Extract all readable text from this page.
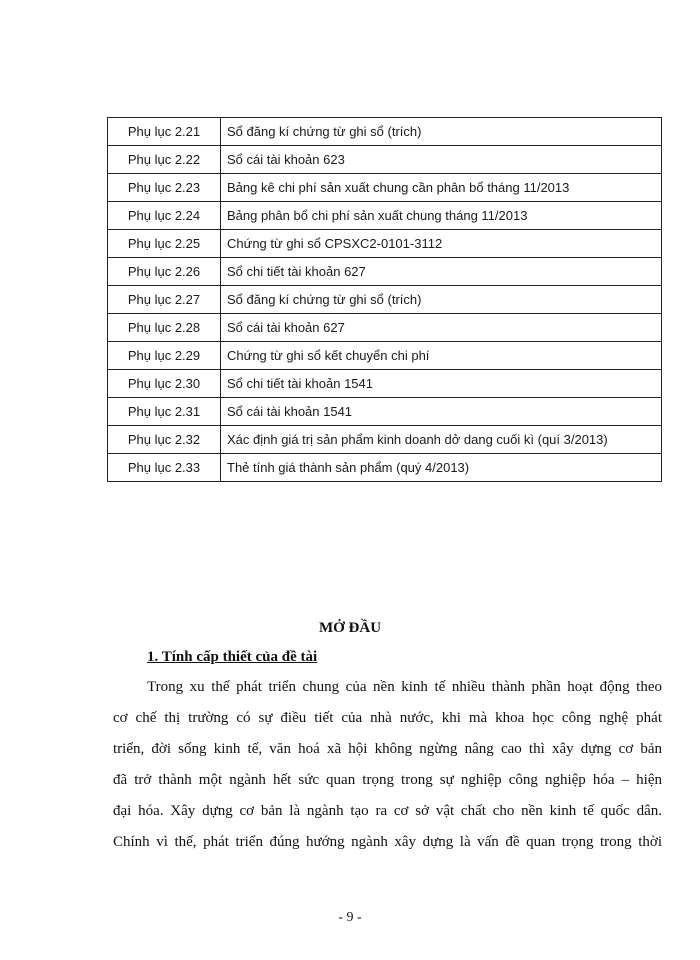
Phụ lục 2.21	Sổ đăng kí chứng từ ghi sổ (trích)
Phụ lục 2.22	Sổ cái tài khoản 623
Phụ lục 2.23	Bảng kê chi phí sản xuất chung cần phân bổ tháng 11/2013
Phụ lục 2.24	Bảng phân bổ chi phí sản xuất chung tháng 11/2013
Phụ lục 2.25	Chứng từ ghi sổ CPSXC2-0101-3112
Phụ lục 2.26	Sổ chi tiết tài khoản 627
Phụ lục 2.27	Sổ đăng kí chứng từ ghi sổ (trích)
Phụ lục 2.28	Sổ cái tài khoản 627
Phụ lục 2.29	Chứng từ ghi sổ kết chuyển chi phí
Phụ lục 2.30	Sổ chi tiết tài khoản 1541
Phụ lục 2.31	Sổ cái tài khoản 1541
Phụ lục 2.32	Xác định giá trị sản phẩm kinh doanh dở dang cuối kì (quí 3/2013)
Phụ lục 2.33	Thẻ tính giá thành sản phẩm (quý 4/2013)
MỞ ĐẦU
1. Tính cấp thiết của đề tài
Trong xu thế phát triển chung của nền kinh tế nhiều thành phần hoạt động theo
cơ chế thị trường có sự điều tiết của nhà nước, khi mà khoa học công nghệ phát
triển, đời sống kinh tế, văn hoá xã hội không ngừng nâng cao thì xây dựng cơ bản
đã trở thành một ngành hết sức quan trọng trong sự nghiệp công nghiệp hóa – hiện
đại hóa. Xây dựng cơ bản là ngành tạo ra cơ sở vật chất cho nền kinh tế quốc dân.
Chính vì thế, phát triển đúng hướng ngành xây dựng là vấn đề quan trọng trong thời
- 9 -
